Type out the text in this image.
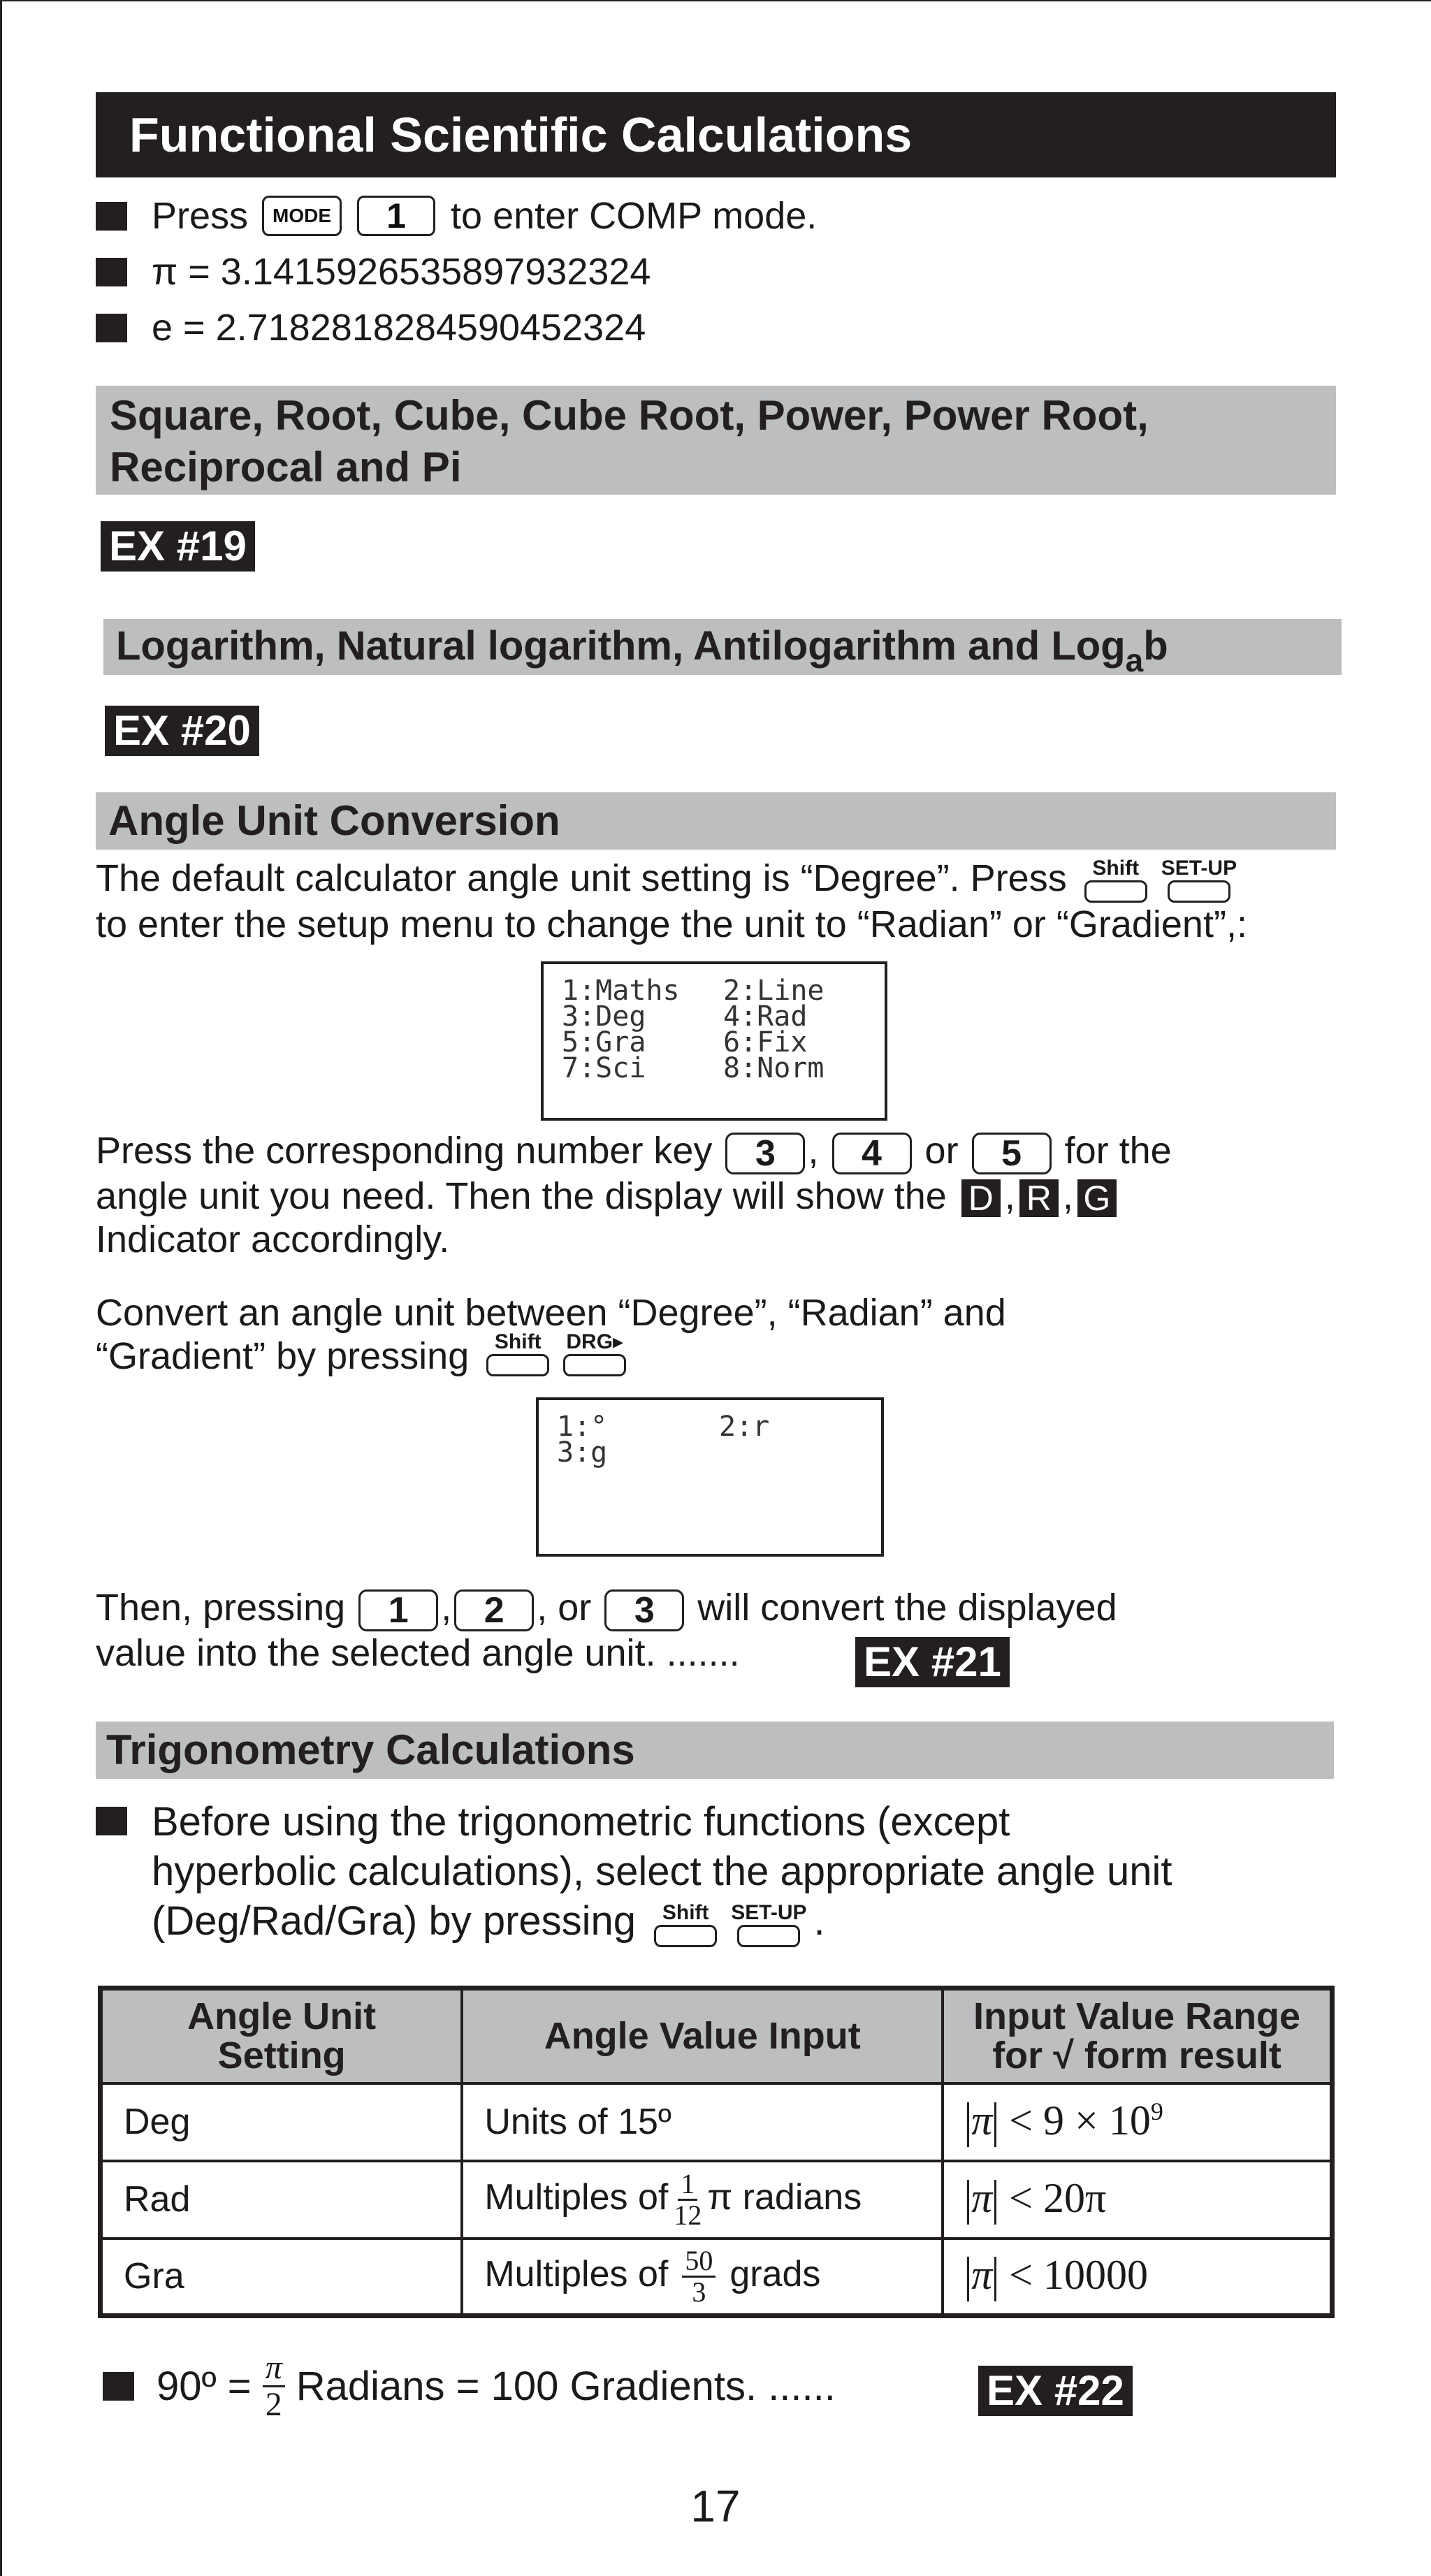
Functional Scientific Calculations
Press	MODE	1	to enter COMP mode.
π = 3.1415926535897932324
e = 2.7182818284590452324
Square, Root, Cube, Cube Root, Power, Power Root, Reciprocal and Pi
EX #19
Logarithm, Natural logarithm, Antilogarithm and Log$_a$b
EX #20
Angle Unit Conversion
The default calculator angle unit setting is “Degree”. Press Shift SET-UP

to enter the setup menu to change the unit to “Radian” or “Gradient”,:
1:Maths	2:Line
3:Deg	4:Rad
5:Gra	6:Fix
7:Sci	8:Norm
Press the corresponding number key 3 , 4 or 5 for the
angle unit you need. Then the display will show the D , R , G
Indicator accordingly.
Convert an angle unit between “Degree”, “Radian” and
“Gradient” by pressing Shift DRG▸
1:°	2:r
3:g
Then, pressing 1 , 2 , or 3 will convert the displayed
value into the selected angle unit. .......	EX #21
Trigonometry Calculations
Before using the trigonometric functions (except
hyperbolic calculations), select the appropriate angle unit
(Deg/Rad/Gra) by pressing Shift SET-UP .
Angle Unit Setting	Angle Value Input	Input Value Range for √ form result

Deg	Units of 15º	$\pi < 9 \times 10^9$
Rad	Multiples of $\frac{1}{12}$ π radians	π < 20π
Gra	Multiples of $\frac{50}{3}$ grads	π < 10000
90º = $\frac{\pi}{2}$ Radians = 100 Gradients. ......	EX #22
17
